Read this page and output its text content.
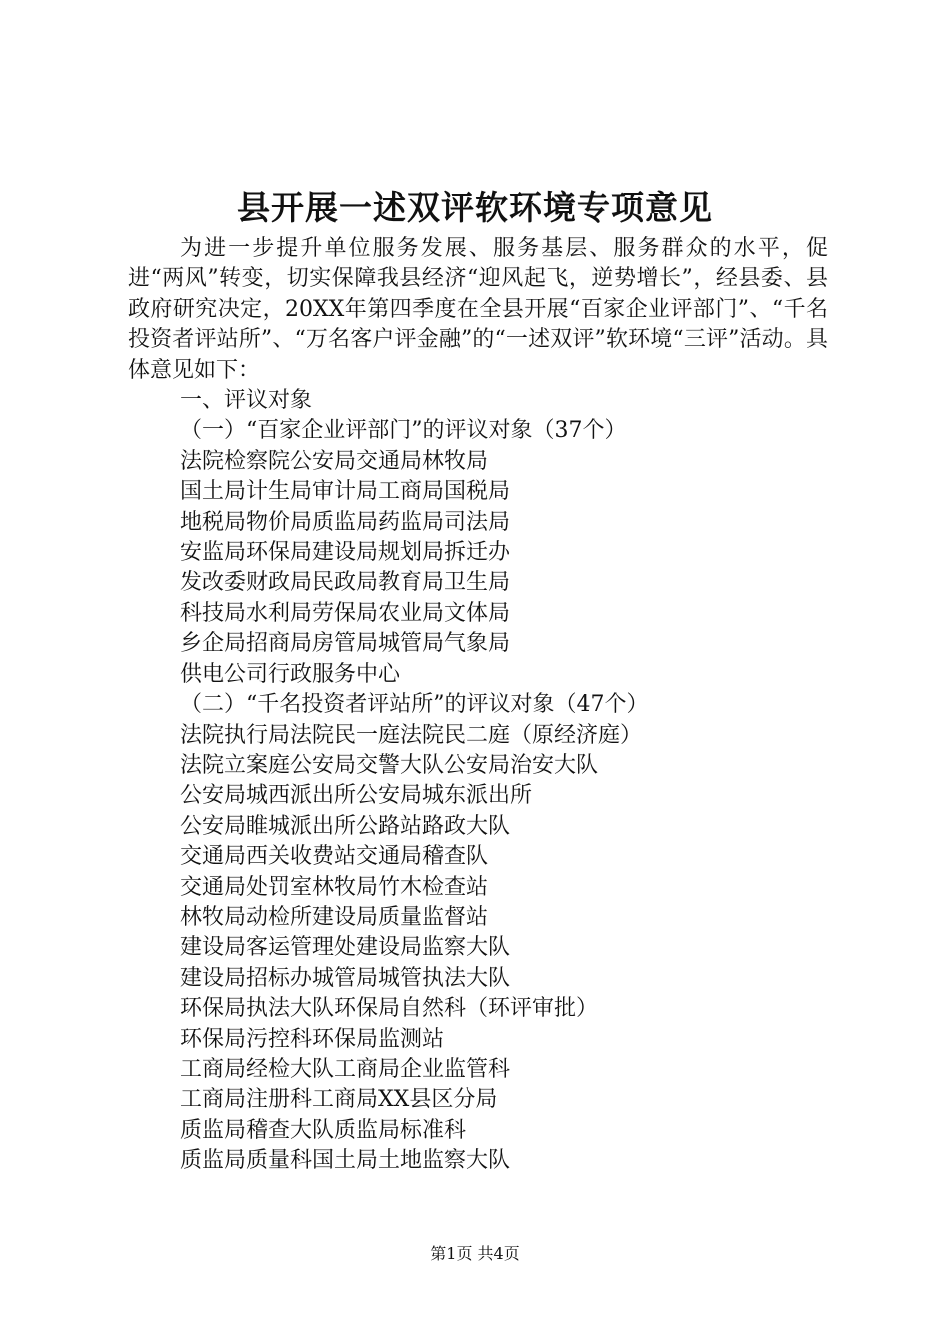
县开展一述双评软环境专项意见

为进一步提升单位服务发展、服务基层、服务群众的水平，促进“两风”转变，切实保障我县经济“迎风起飞，逆势增长”，经县委、县政府研究决定，20XX年第四季度在全县开展“百家企业评部门”、“千名投资者评站所”、“万名客户评金融”的“一述双评”软环境“三评”活动。具体意见如下：

一、评议对象

（一）“百家企业评部门”的评议对象（37个）

法院检察院公安局交通局林牧局

国土局计生局审计局工商局国税局

地税局物价局质监局药监局司法局

安监局环保局建设局规划局拆迁办

发改委财政局民政局教育局卫生局

科技局水利局劳保局农业局文体局

乡企局招商局房管局城管局气象局

供电公司行政服务中心

（二）“千名投资者评站所”的评议对象（47个）

法院执行局法院民一庭法院民二庭（原经济庭）

法院立案庭公安局交警大队公安局治安大队

公安局城西派出所公安局城东派出所

公安局睢城派出所公路站路政大队

交通局西关收费站交通局稽查队

交通局处罚室林牧局竹木检查站

林牧局动检所建设局质量监督站

建设局客运管理处建设局监察大队

建设局招标办城管局城管执法大队

环保局执法大队环保局自然科（环评审批）

环保局污控科环保局监测站

工商局经检大队工商局企业监管科

工商局注册科工商局XX县区分局

质监局稽查大队质监局标准科

质监局质量科国土局土地监察大队

第1页 共4页
